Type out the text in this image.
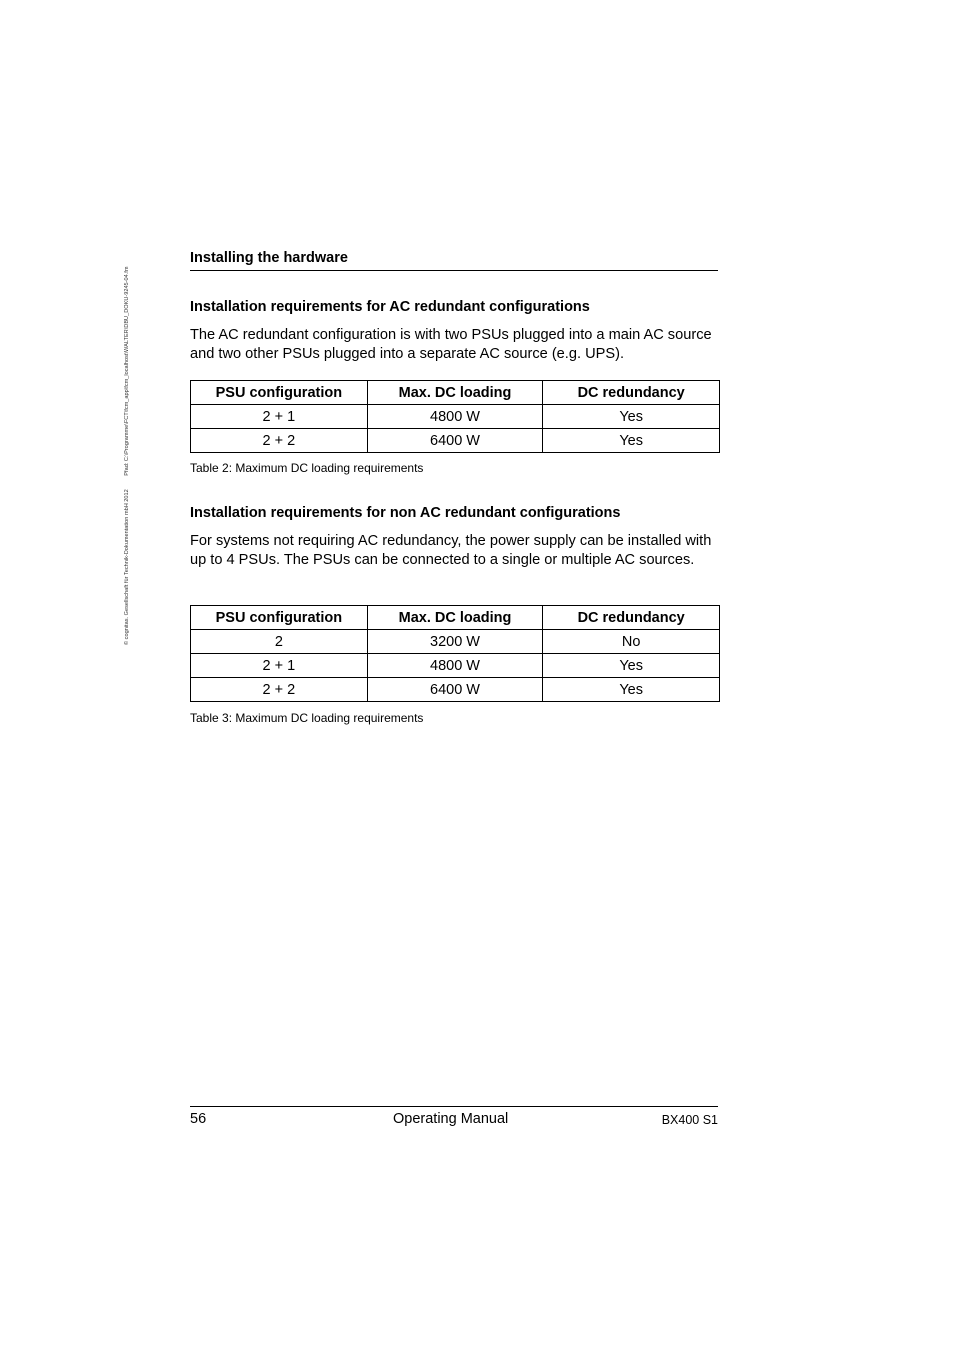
© cognitas. Gesellschaft für Technik-Dokumentation mbH 2012 Pfad: C:\Programme\FCT\fcm_app\fcm_localhost\WALTER\DBU_DOKU-9245-04.fm
Installing the hardware
Installation requirements for AC redundant configurations
The AC redundant configuration is with two PSUs plugged into a main AC source and two other PSUs plugged into a separate AC source (e.g. UPS).
PSU configuration	Max. DC loading	DC redundancy
2 + 1	4800 W	Yes
2 + 2	6400 W	Yes
Table 2: Maximum DC loading requirements
Installation requirements for non AC redundant configurations
For systems not requiring AC redundancy, the power supply can be installed with up to 4 PSUs. The PSUs can be connected to a single or multiple AC sources.
PSU configuration	Max. DC loading	DC redundancy
2	3200 W	No
2 + 1	4800 W	Yes
2 + 2	6400 W	Yes
Table 3: Maximum DC loading requirements
56	Operating Manual	BX400 S1
